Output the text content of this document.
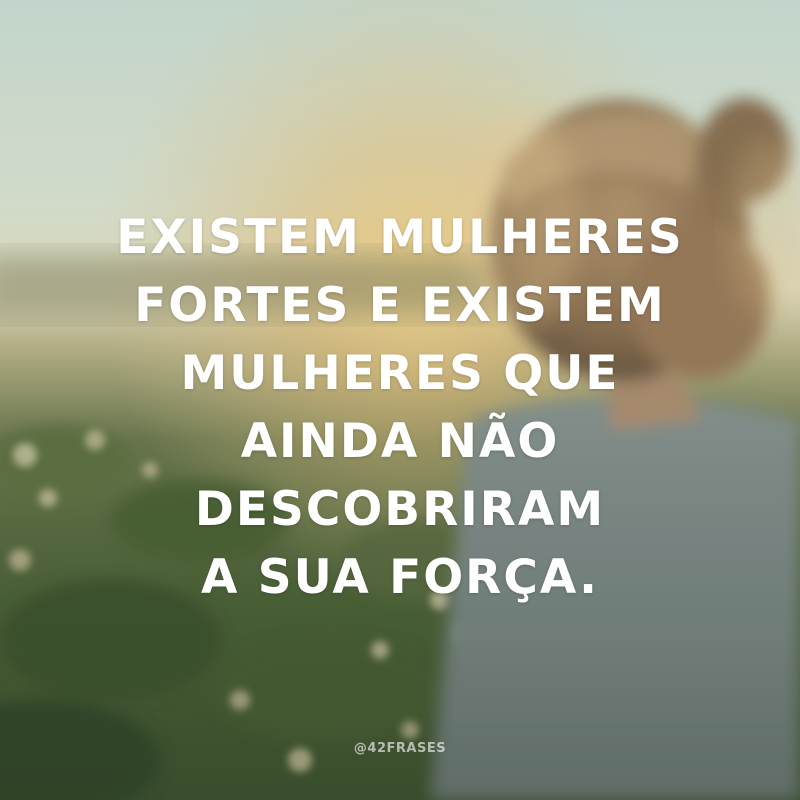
EXISTEM MULHERES
FORTES E EXISTEM
MULHERES QUE
AINDA NÃO
DESCOBRIRAM
A SUA FORÇA.

@42FRASES
